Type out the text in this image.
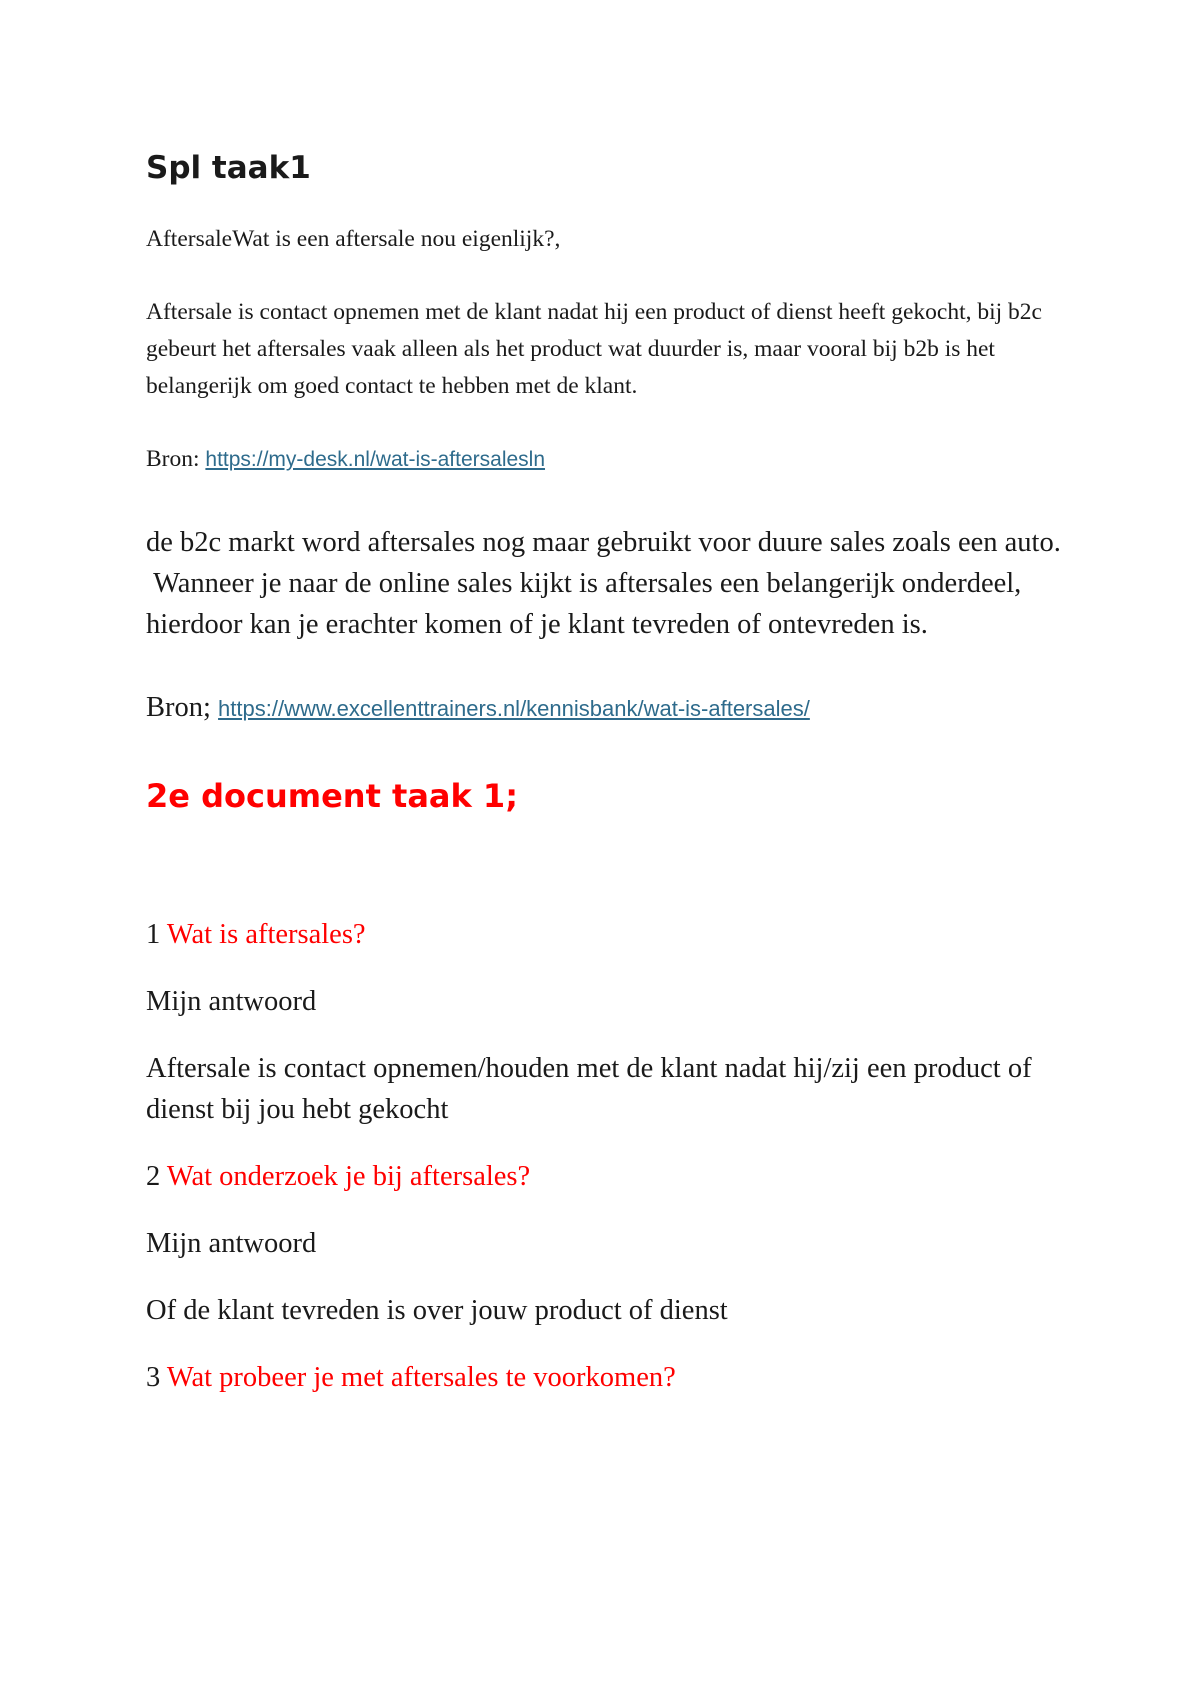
Spl taak1

AftersaleWat is een aftersale nou eigenlijk?,

Aftersale is contact opnemen met de klant nadat hij een product of dienst heeft gekocht, bij b2c gebeurt het aftersales vaak alleen als het product wat duurder is, maar vooral bij b2b is het belangerijk om goed contact te hebben met de klant.

Bron: https://my-desk.nl/wat-is-aftersalesln

de b2c markt word aftersales nog maar gebruikt voor duure sales zoals een auto.

Wanneer je naar de online sales kijkt is aftersales een belangerijk onderdeel, hierdoor kan je erachter komen of je klant tevreden of ontevreden is.

Bron; https://www.excellenttrainers.nl/kennisbank/wat-is-aftersales/

2e document taak 1;

1 Wat is aftersales?

Mijn antwoord

Aftersale is contact opnemen/houden met de klant nadat hij/zij een product of dienst bij jou hebt gekocht

2 Wat onderzoek je bij aftersales?

Mijn antwoord

Of de klant tevreden is over jouw product of dienst

3 Wat probeer je met aftersales te voorkomen?
